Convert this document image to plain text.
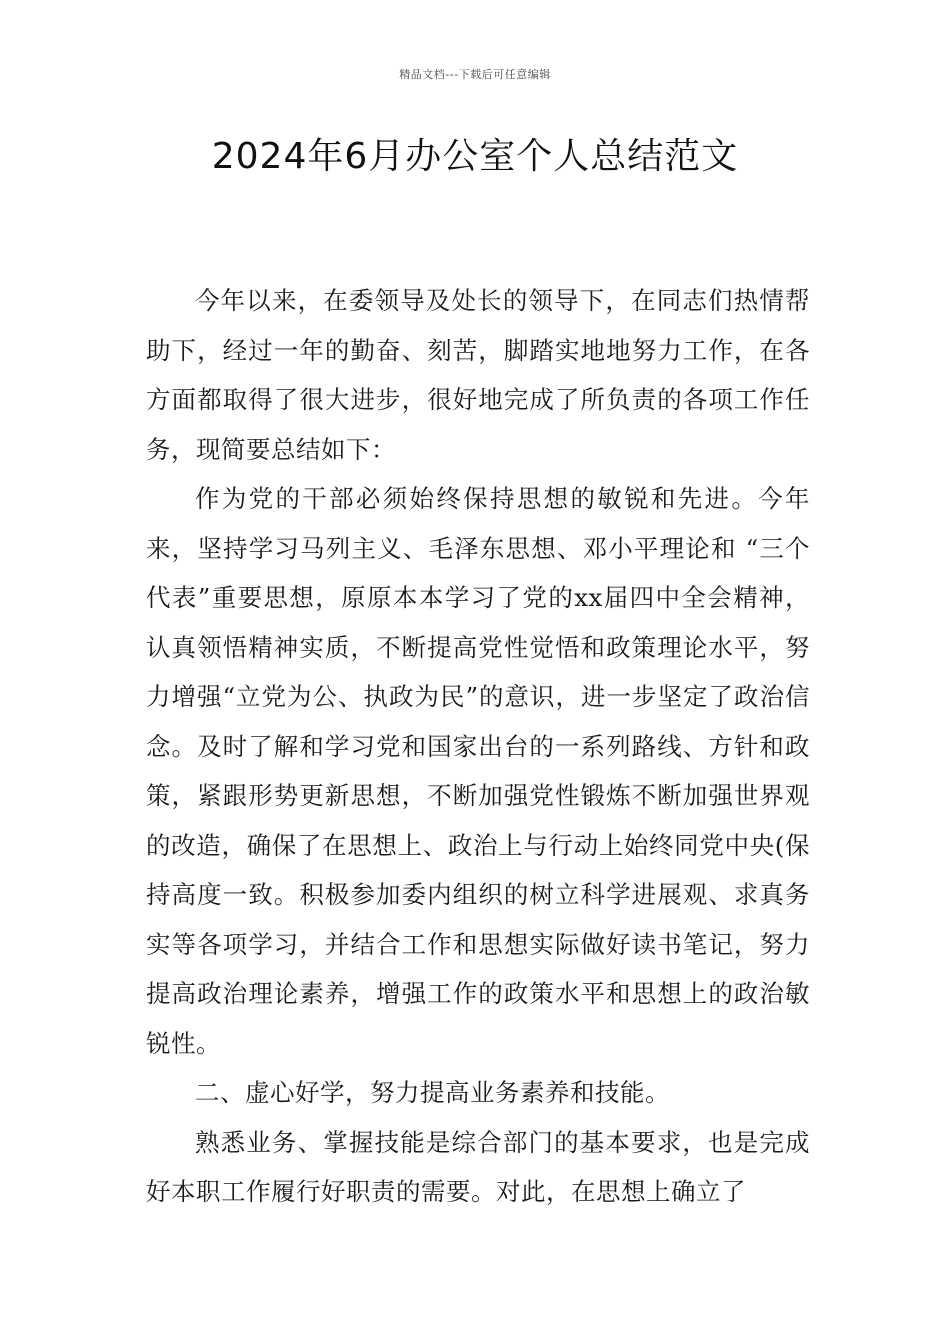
精品文档---下载后可任意编辑
2024年6月办公室个人总结范文

今年以来，在委领导及处长的领导下，在同志们热情帮助下，经过一年的勤奋、刻苦，脚踏实地地努力工作，在各方面都取得了很大进步，很好地完成了所负责的各项工作任务，现简要总结如下：

作为党的干部必须始终保持思想的敏锐和先进。今年来，坚持学习马列主义、毛泽东思想、邓小平理论和 “三个代表”重要思想，原原本本学习了党的xx届四中全会精神，认真领悟精神实质，不断提高党性觉悟和政策理论水平，努力增强“立党为公、执政为民”的意识，进一步坚定了政治信念。及时了解和学习党和国家出台的一系列路线、方针和政策，紧跟形势更新思想，不断加强党性锻炼不断加强世界观的改造，确保了在思想上、政治上与行动上始终同党中央(保持高度一致。积极参加委内组织的树立科学进展观、求真务实等各项学习，并结合工作和思想实际做好读书笔记，努力提高政治理论素养，增强工作的政策水平和思想上的政治敏锐性。

二、虚心好学，努力提高业务素养和技能。

熟悉业务、掌握技能是综合部门的基本要求，也是完成好本职工作履行好职责的需要。对此，在思想上确立了
